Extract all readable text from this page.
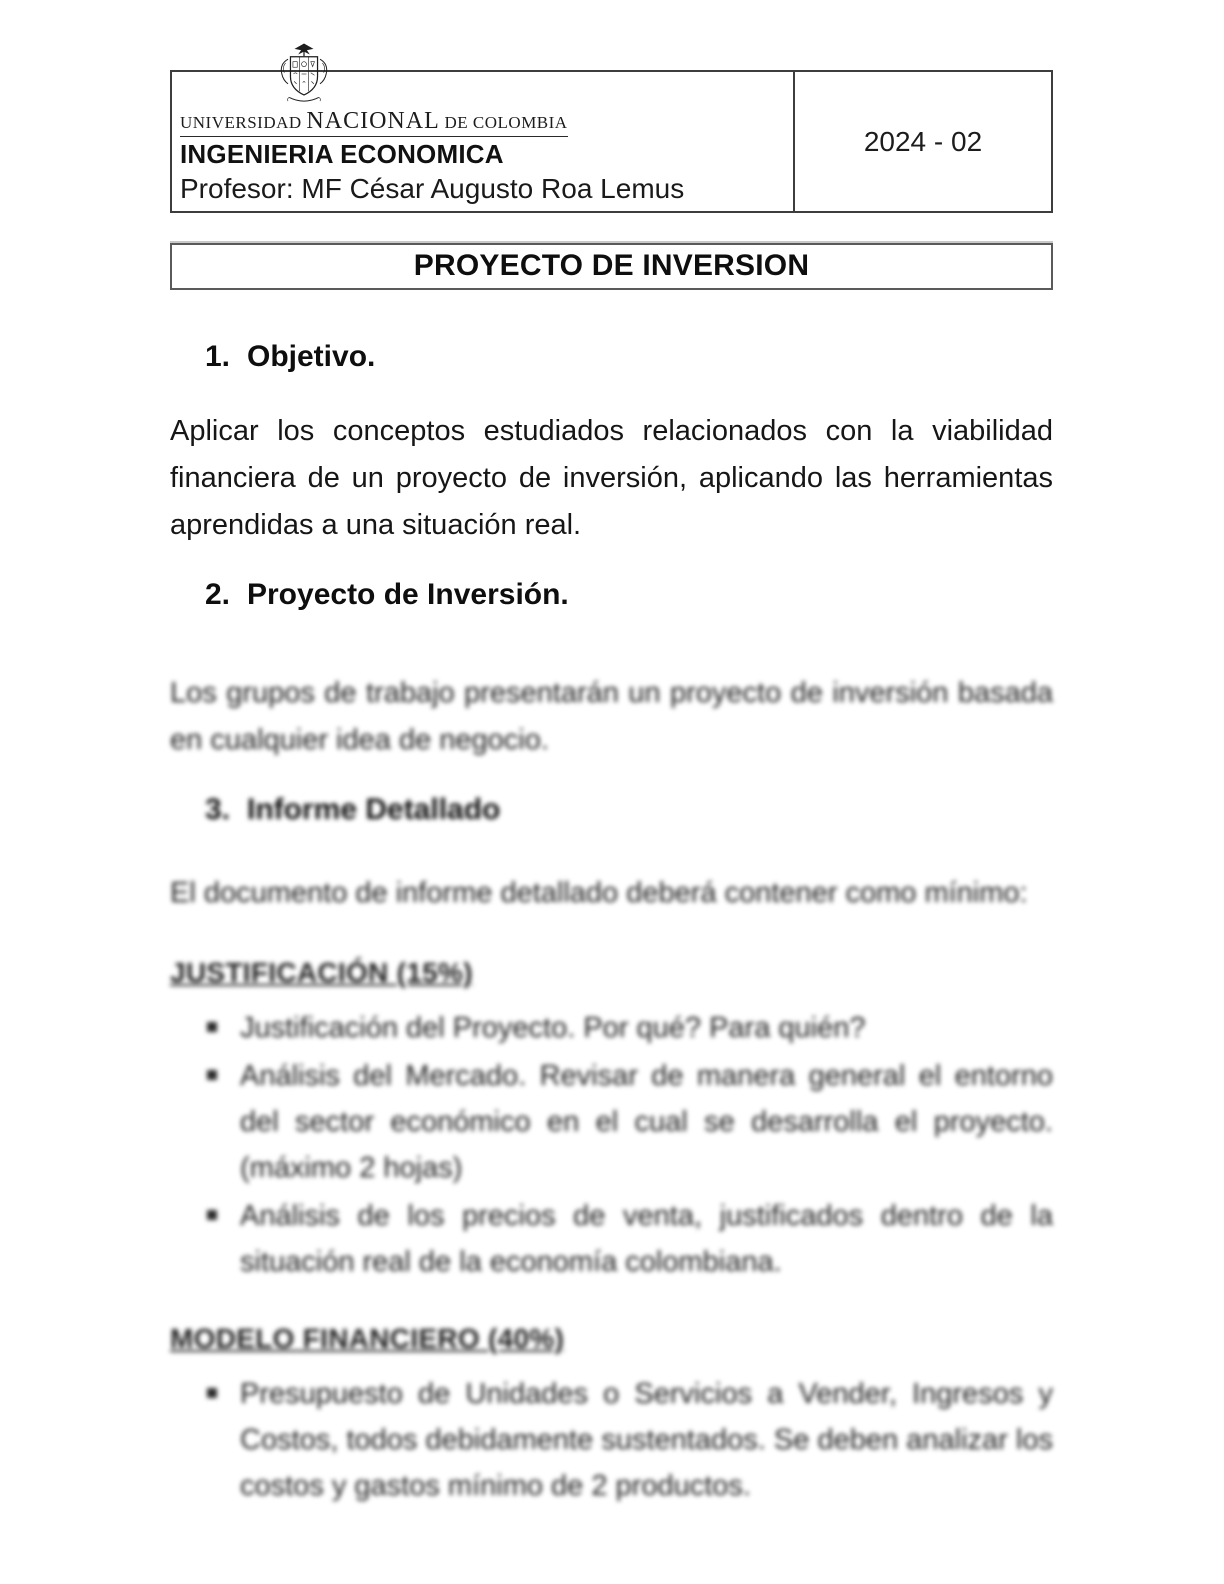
UNIVERSIDAD NACIONAL DE COLOMBIA
INGENIERIA ECONOMICA
Profesor: MF César Augusto Roa Lemus
2024 - 02
PROYECTO DE INVERSION
1. Objetivo.

Aplicar los conceptos estudiados relacionados con la viabilidad financiera de un proyecto de inversión, aplicando las herramientas aprendidas a una situación real.

2. Proyecto de Inversión.

Los grupos de trabajo presentarán un proyecto de inversión basada en cualquier idea de negocio.

3. Informe Detallado

El documento de informe detallado deberá contener como mínimo:

JUSTIFICACIÓN (15%)
Justificación del Proyecto. Por qué? Para quién?
Análisis del Mercado. Revisar de manera general el entorno del sector económico en el cual se desarrolla el proyecto. (máximo 2 hojas)
Análisis de los precios de venta, justificados dentro de la situación real de la economía colombiana.
MODELO FINANCIERO (40%)
Presupuesto de Unidades o Servicios a Vender, Ingresos y Costos, todos debidamente sustentados. Se deben analizar los costos y gastos mínimo de 2 productos.
